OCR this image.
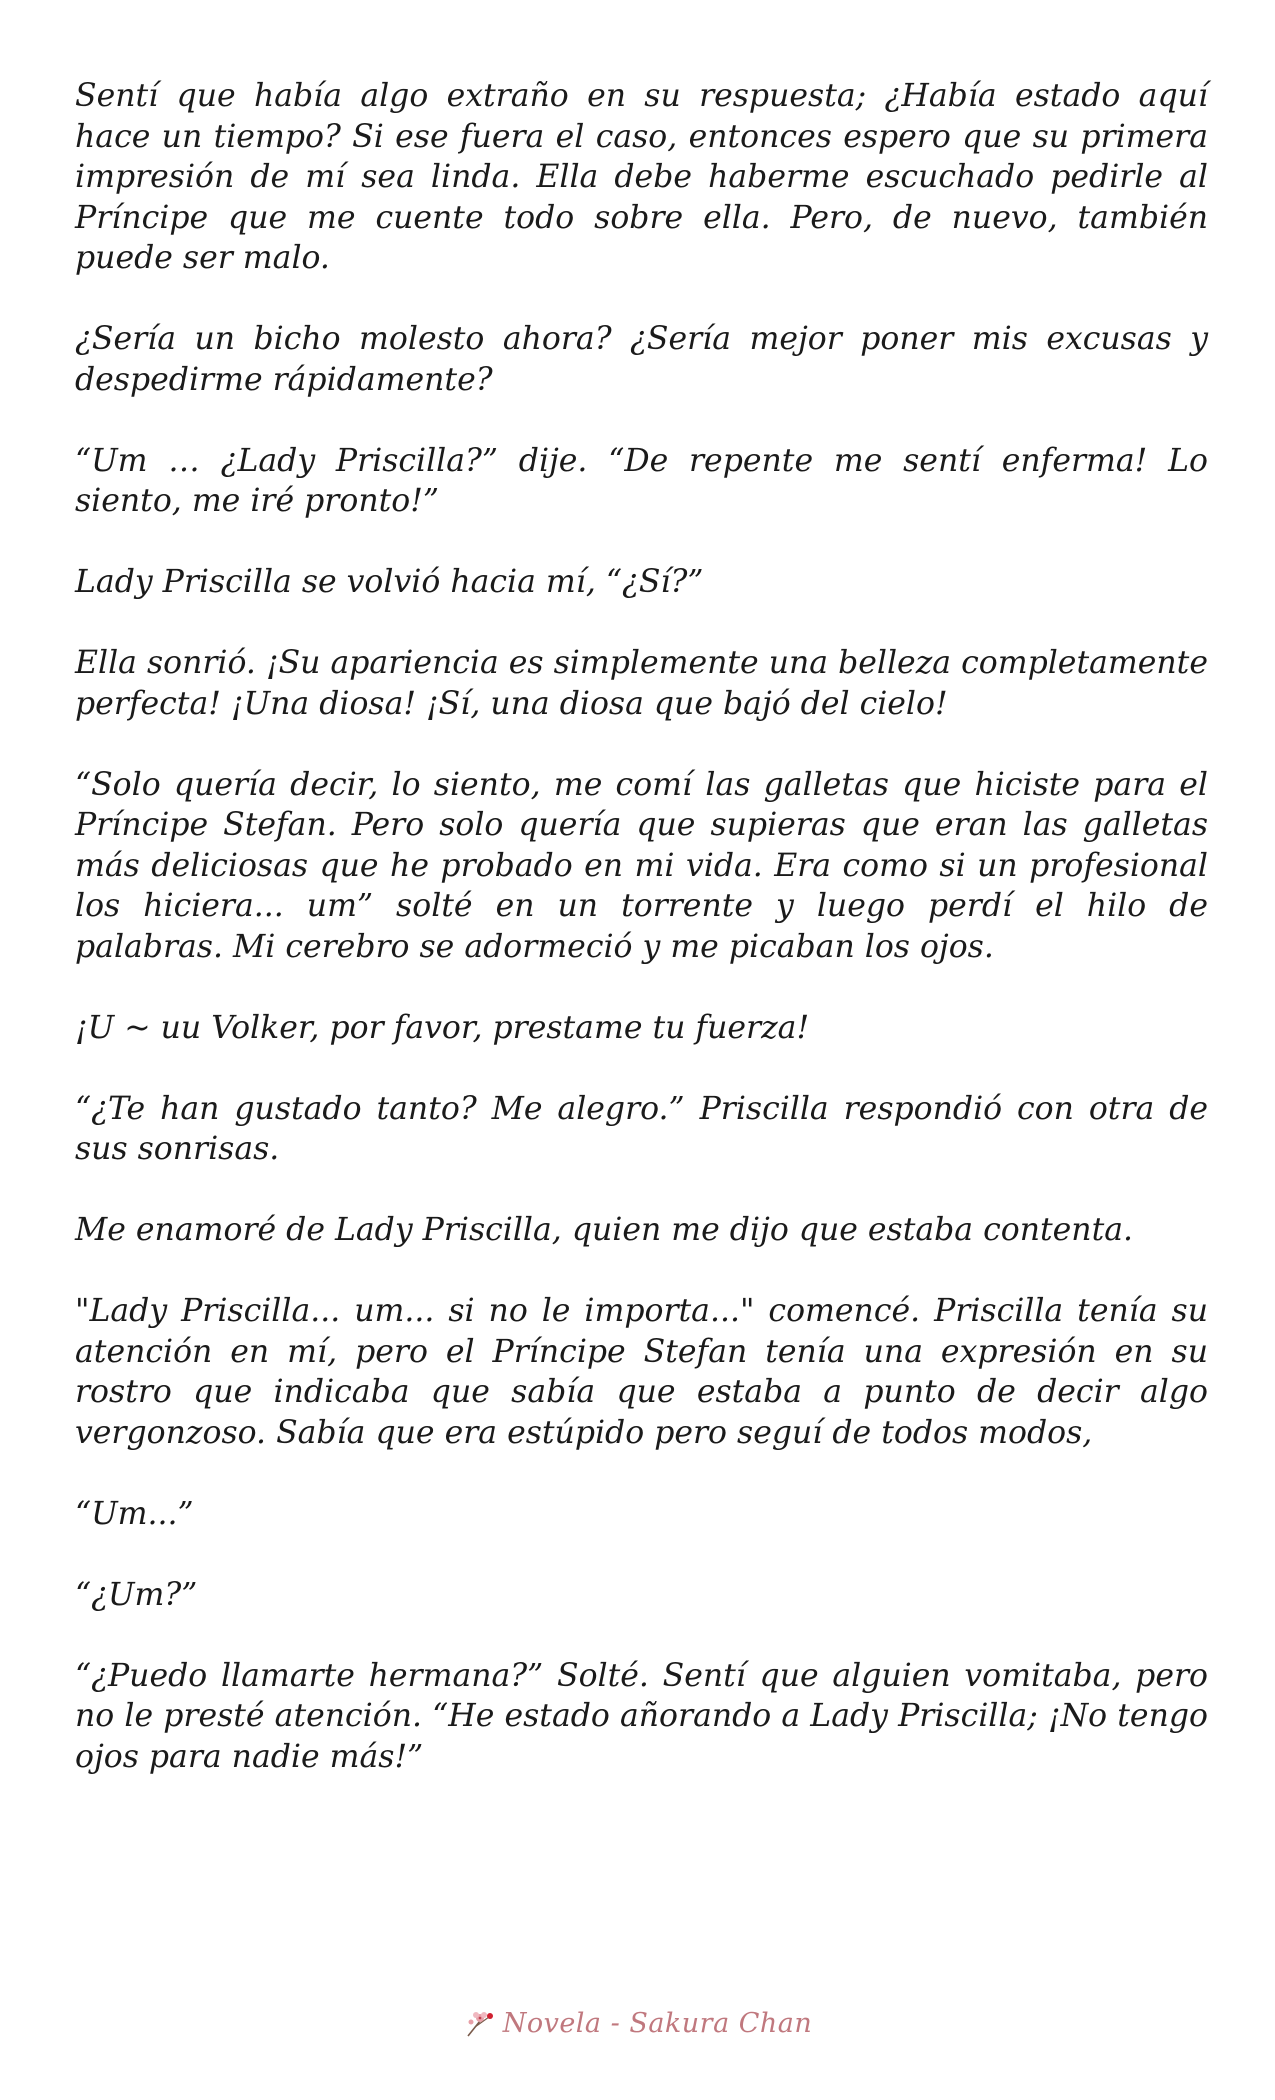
Sentí que había algo extraño en su respuesta; ¿Había estado aquí hace un tiempo? Si ese fuera el caso, entonces espero que su primera impresión de mí sea linda. Ella debe haberme escuchado pedirle al Príncipe que me cuente todo sobre ella. Pero, de nuevo, también puede ser malo.

¿Sería un bicho molesto ahora? ¿Sería mejor poner mis excusas y despedirme rápidamente?

“Um … ¿Lady Priscilla?” dije. “De repente me sentí enferma! Lo siento, me iré pronto!”

Lady Priscilla se volvió hacia mí, “¿Sí?”

Ella sonrió. ¡Su apariencia es simplemente una belleza completamente perfecta! ¡Una diosa! ¡Sí, una diosa que bajó del cielo!

“Solo quería decir, lo siento, me comí las galletas que hiciste para el Príncipe Stefan. Pero solo quería que supieras que eran las galletas más deliciosas que he probado en mi vida. Era como si un profesional los hiciera... um” solté en un torrente y luego perdí el hilo de palabras. Mi cerebro se adormeció y me picaban los ojos.

¡U ~ uu Volker, por favor, prestame tu fuerza!

“¿Te han gustado tanto? Me alegro.” Priscilla respondió con otra de sus sonrisas.

Me enamoré de Lady Priscilla, quien me dijo que estaba contenta.

"Lady Priscilla... um... si no le importa..." comencé. Priscilla tenía su atención en mí, pero el Príncipe Stefan tenía una expresión en su rostro que indicaba que sabía que estaba a punto de decir algo vergonzoso. Sabía que era estúpido pero seguí de todos modos,

“Um...”

“¿Um?”

“¿Puedo llamarte hermana?” Solté. Sentí que alguien vomitaba, pero no le presté atención. “He estado añorando a Lady Priscilla; ¡No tengo ojos para nadie más!”

Novela - Sakura Chan
